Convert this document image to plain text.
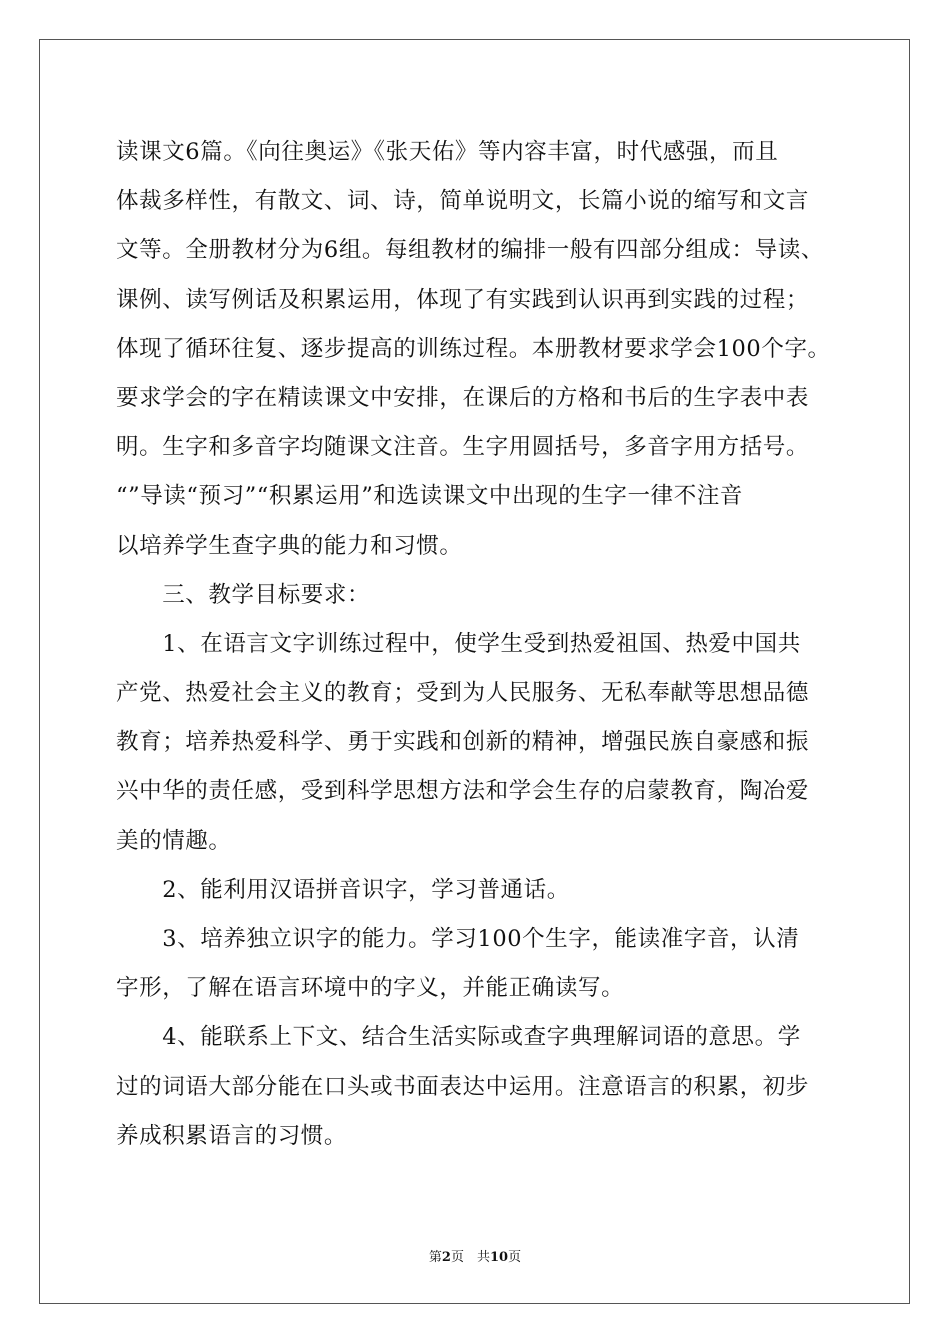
读课文6篇。《向往奥运》《张天佑》等内容丰富，时代感强，而且
体裁多样性，有散文、词、诗，简单说明文，长篇小说的缩写和文言
文等。全册教材分为6组。每组教材的编排一般有四部分组成：导读、
课例、读写例话及积累运用，体现了有实践到认识再到实践的过程；
体现了循环往复、逐步提高的训练过程。本册教材要求学会100个字。
要求学会的字在精读课文中安排，在课后的方格和书后的生字表中表
明。生字和多音字均随课文注音。生字用圆括号，多音字用方括号。
“”导读“预习”“积累运用”和选读课文中出现的生字一律不注音
以培养学生查字典的能力和习惯。
　　三、教学目标要求：
　　1、在语言文字训练过程中，使学生受到热爱祖国、热爱中国共
产党、热爱社会主义的教育；受到为人民服务、无私奉献等思想品德
教育；培养热爱科学、勇于实践和创新的精神，增强民族自豪感和振
兴中华的责任感，受到科学思想方法和学会生存的启蒙教育，陶冶爱
美的情趣。
　　2、能利用汉语拼音识字，学习普通话。
　　3、培养独立识字的能力。学习100个生字，能读准字音，认清
字形，了解在语言环境中的字义，并能正确读写。
　　4、能联系上下文、结合生活实际或查字典理解词语的意思。学
过的词语大部分能在口头或书面表达中运用。注意语言的积累，初步
养成积累语言的习惯。
第2页　共10页
